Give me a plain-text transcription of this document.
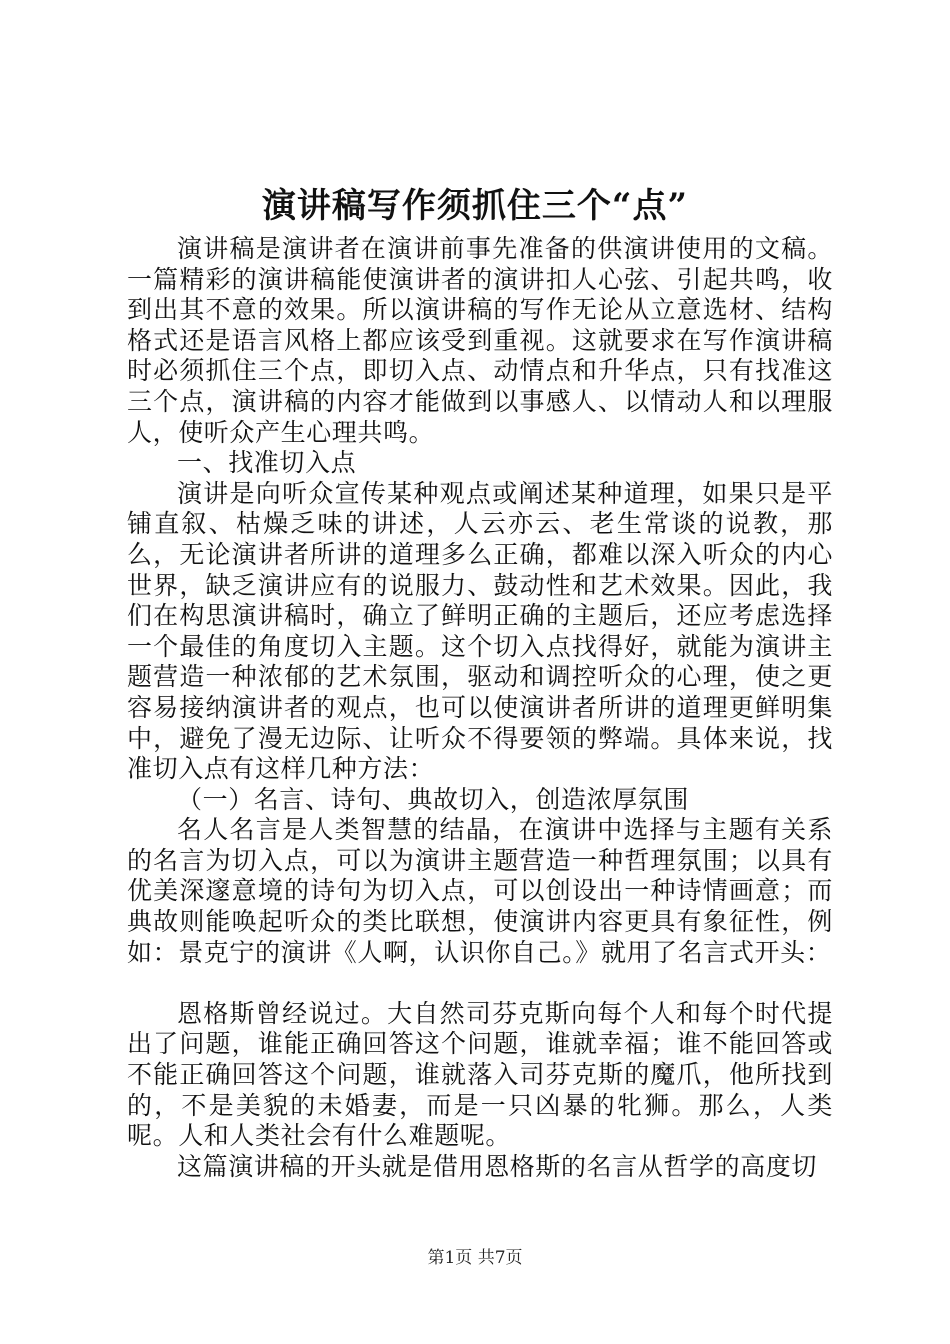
演讲稿写作须抓住三个“点”

演讲稿是演讲者在演讲前事先准备的供演讲使用的文稿。一篇精彩的演讲稿能使演讲者的演讲扣人心弦、引起共鸣，收到出其不意的效果。所以演讲稿的写作无论从立意选材、结构格式还是语言风格上都应该受到重视。这就要求在写作演讲稿时必须抓住三个点，即切入点、动情点和升华点，只有找准这三个点，演讲稿的内容才能做到以事感人、以情动人和以理服人，使听众产生心理共鸣。

一、找准切入点

演讲是向听众宣传某种观点或阐述某种道理，如果只是平铺直叙、枯燥乏味的讲述，人云亦云、老生常谈的说教，那么，无论演讲者所讲的道理多么正确，都难以深入听众的内心世界，缺乏演讲应有的说服力、鼓动性和艺术效果。因此，我们在构思演讲稿时，确立了鲜明正确的主题后，还应考虑选择一个最佳的角度切入主题。这个切入点找得好，就能为演讲主题营造一种浓郁的艺术氛围，驱动和调控听众的心理，使之更容易接纳演讲者的观点，也可以使演讲者所讲的道理更鲜明集中，避免了漫无边际、让听众不得要领的弊端。具体来说，找准切入点有这样几种方法：

（一）名言、诗句、典故切入，创造浓厚氛围

名人名言是人类智慧的结晶，在演讲中选择与主题有关系的名言为切入点，可以为演讲主题营造一种哲理氛围；以具有优美深邃意境的诗句为切入点，可以创设出一种诗情画意；而典故则能唤起听众的类比联想，使演讲内容更具有象征性，例如：景克宁的演讲《人啊，认识你自己。》就用了名言式开头：

恩格斯曾经说过。大自然司芬克斯向每个人和每个时代提出了问题，谁能正确回答这个问题，谁就幸福；谁不能回答或不能正确回答这个问题，谁就落入司芬克斯的魔爪，他所找到的，不是美貌的未婚妻，而是一只凶暴的牝狮。那么，人类呢。人和人类社会有什么难题呢。

这篇演讲稿的开头就是借用恩格斯的名言从哲学的高度切

第1页 共7页
